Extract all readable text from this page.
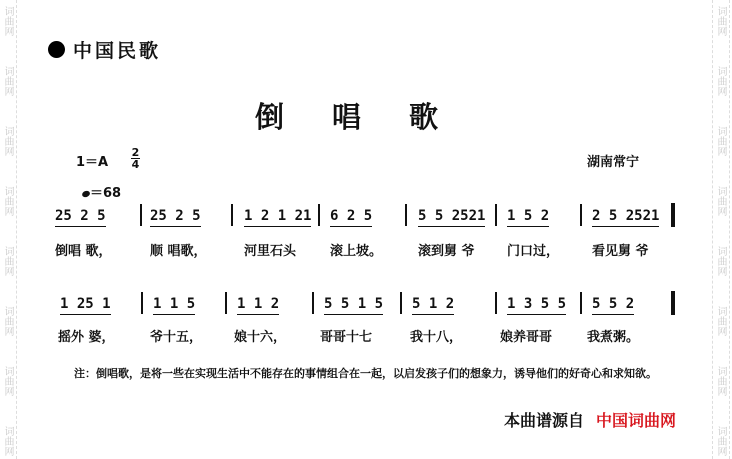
词曲网
词曲网
词曲网
词曲网
词曲网
词曲网
词曲网
词曲网
词曲网
词曲网
词曲网
词曲网
词曲网
词曲网
词曲网
词曲网
中国民歌
倒唱歌
1＝A
2
4	湖南常宁
＝68
25 2 5	25 2 5	1 2 1 21 6 2 5	5 5 2521 1 5 2	2 5 2521
倒唱 歌，	顺 唱歌，	河里石头	滚上坡。	滚到舅 爷 门口过，	看见舅 爷
1 25 1	1 1 5	1 1 2	5 5 1 5 5 1 2	1 3 5 5 5 5 2
摇外 婆，	爷十五， 娘十六，	哥哥十七	我十八，	娘养哥哥	我煮粥。
注：倒唱歌，是将一些在实现生活中不能存在的事情组合在一起，以启发孩子们的想象力，诱导他们的好奇心和求知欲。
本曲谱源自 中国词曲网
